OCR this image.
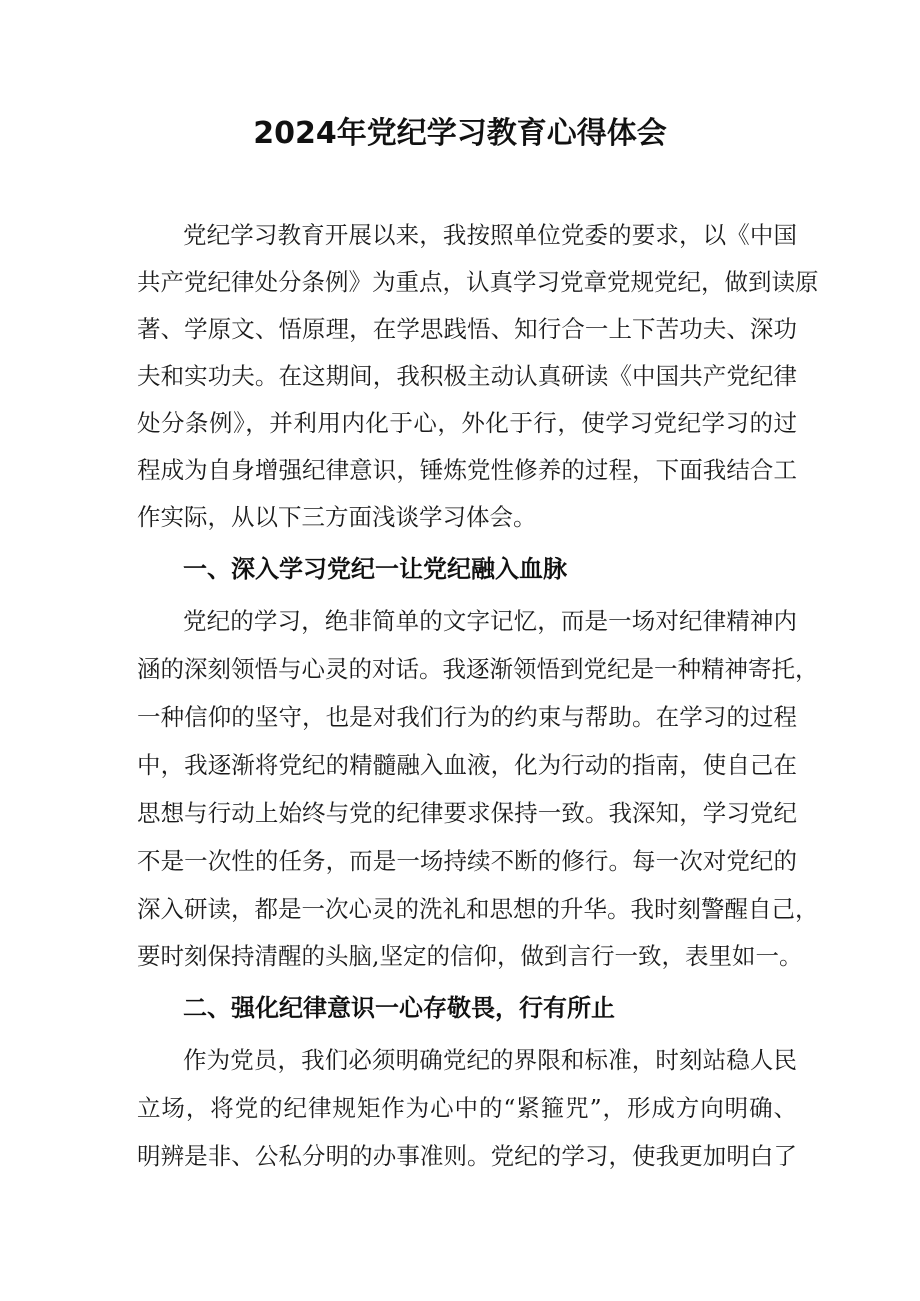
2024年党纪学习教育心得体会

党纪学习教育开展以来，我按照单位党委的要求，以《中国

共产党纪律处分条例》为重点，认真学习党章党规党纪，做到读原

著、学原文、悟原理，在学思践悟、知行合一上下苦功夫、深功

夫和实功夫。在这期间，我积极主动认真研读《中国共产党纪律

处分条例》，并利用内化于心，外化于行，使学习党纪学习的过

程成为自身增强纪律意识，锤炼党性修养的过程，下面我结合工

作实际，从以下三方面浅谈学习体会。

一、深入学习党纪一让党纪融入血脉

党纪的学习，绝非简单的文字记忆，而是一场对纪律精神内

涵的深刻领悟与心灵的对话。我逐渐领悟到党纪是一种精神寄托，

一种信仰的坚守，也是对我们行为的约束与帮助。在学习的过程

中，我逐渐将党纪的精髓融入血液，化为行动的指南，使自己在

思想与行动上始终与党的纪律要求保持一致。我深知，学习党纪

不是一次性的任务，而是一场持续不断的修行。每一次对党纪的

深入研读，都是一次心灵的洗礼和思想的升华。我时刻警醒自己，

要时刻保持清醒的头脑,坚定的信仰，做到言行一致，表里如一。

二、强化纪律意识一心存敬畏，行有所止

作为党员，我们必须明确党纪的界限和标准，时刻站稳人民

立场，将党的纪律规矩作为心中的“紧箍咒”，形成方向明确、

明辨是非、公私分明的办事准则。党纪的学习，使我更加明白了
